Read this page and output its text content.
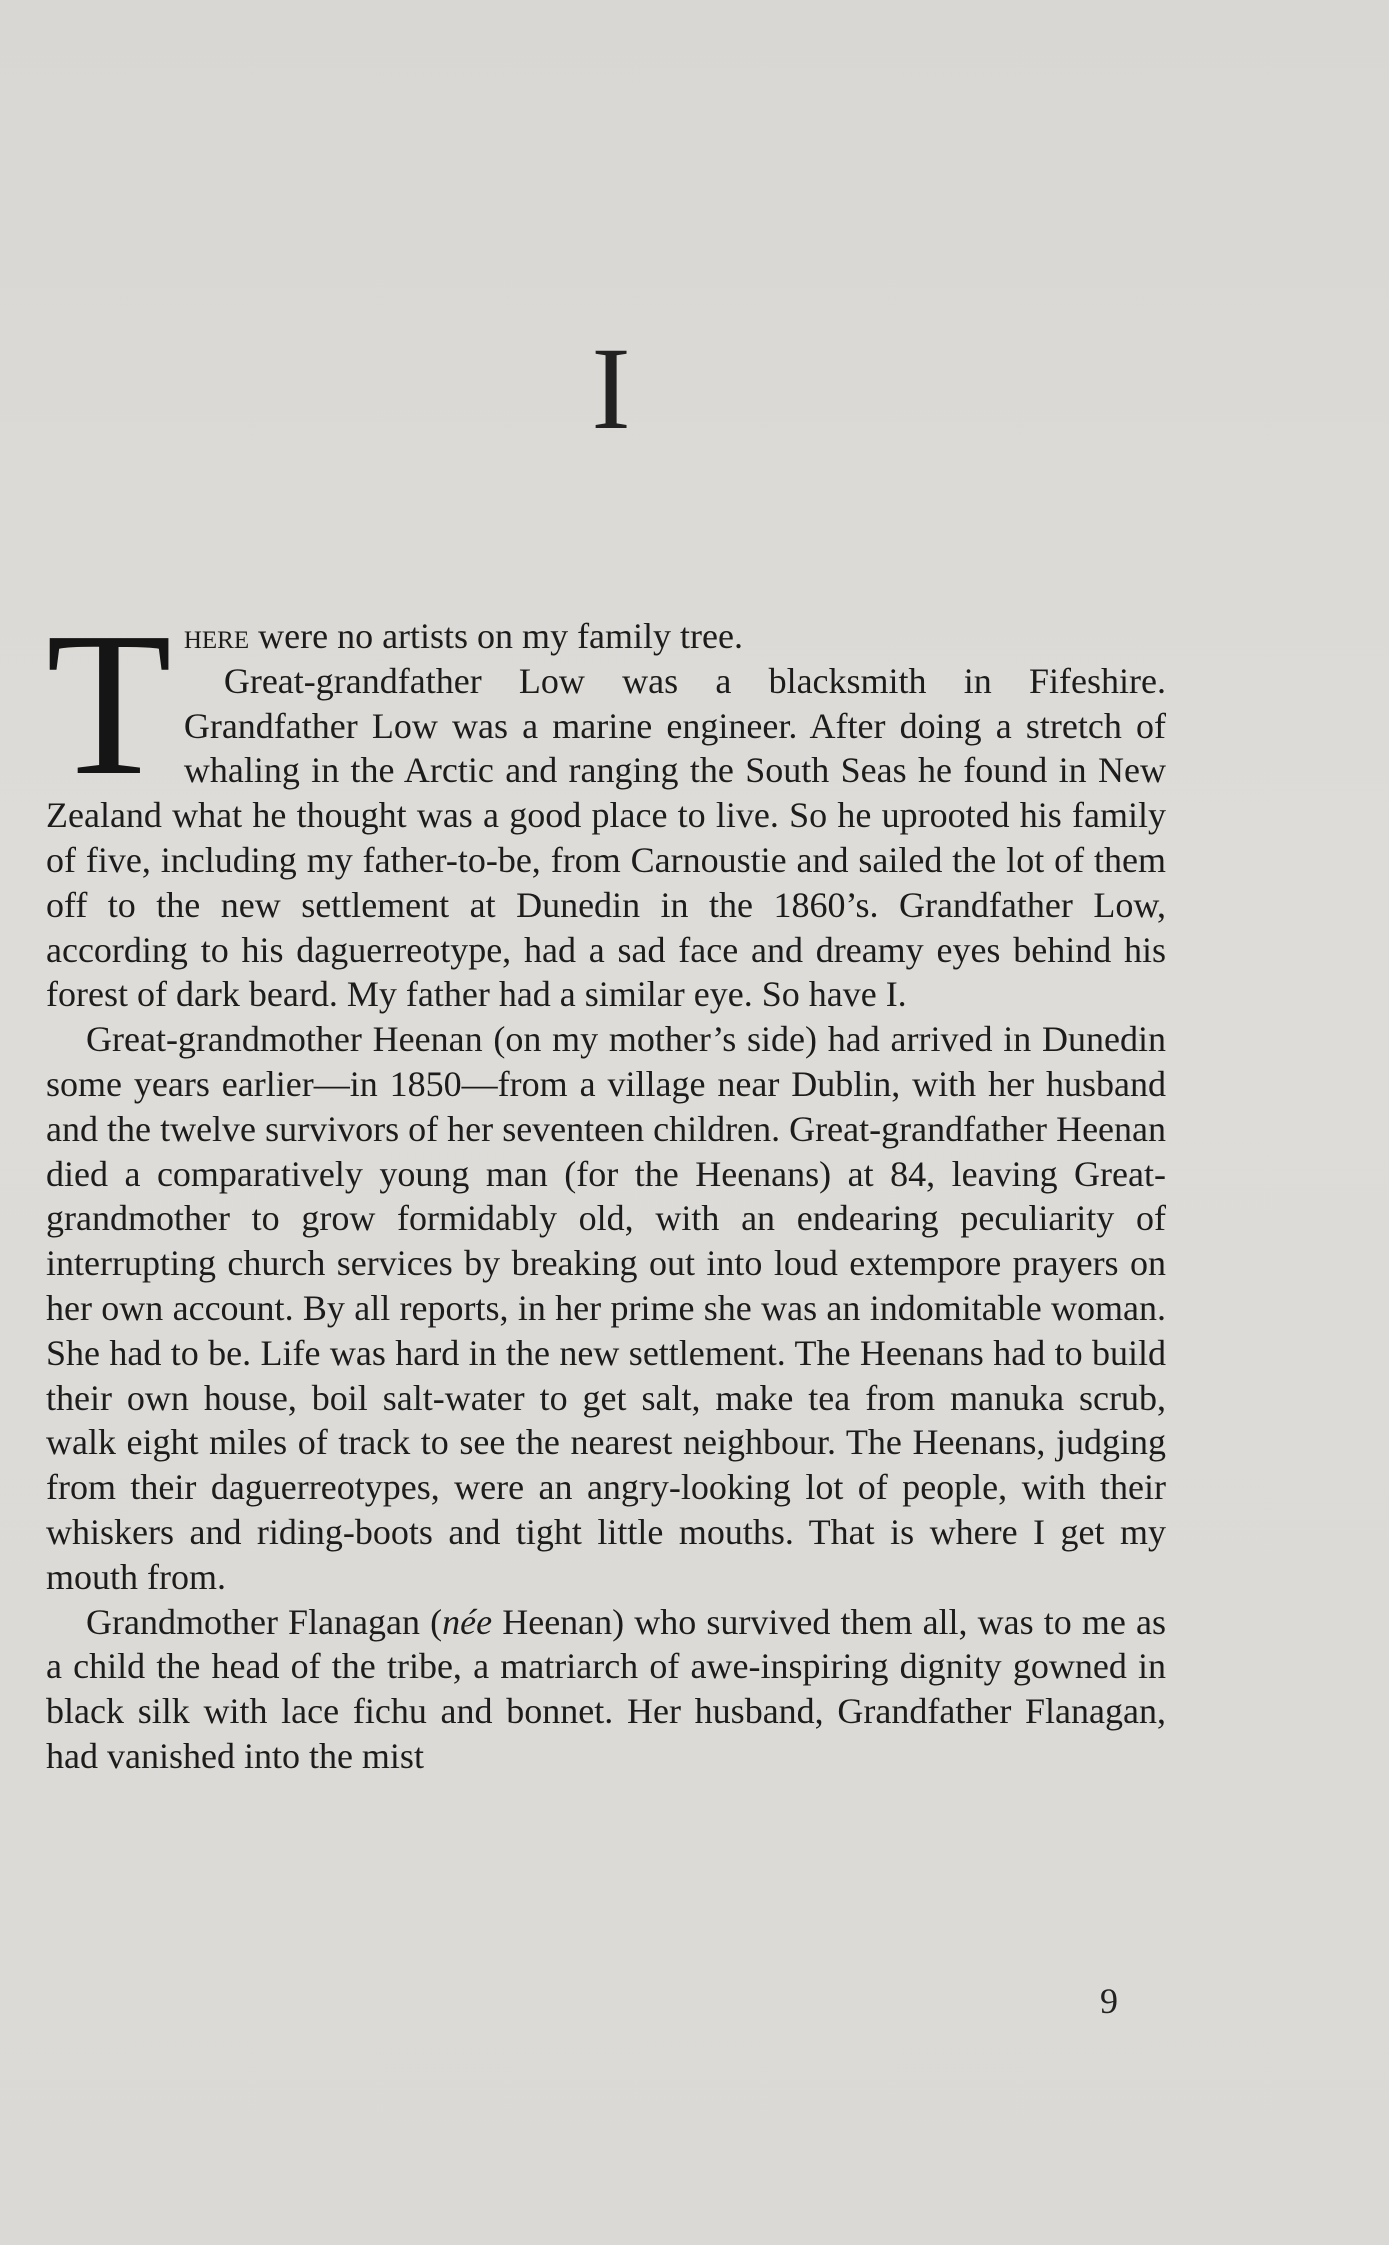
I

There were no artists on my family tree.

Great-grandfather Low was a blacksmith in Fifeshire. Grandfather Low was a marine engineer. After doing a stretch of whaling in the Arctic and ranging the South Seas he found in New Zealand what he thought was a good place to live. So he uprooted his family of five, including my father-to-be, from Carnoustie and sailed the lot of them off to the new settlement at Dunedin in the 1860’s. Grandfather Low, according to his daguerreotype, had a sad face and dreamy eyes behind his forest of dark beard. My father had a similar eye. So have I.

Great-grandmother Heenan (on my mother’s side) had arrived in Dunedin some years earlier—in 1850—from a village near Dublin, with her husband and the twelve survivors of her seventeen children. Great-grandfather Heenan died a comparatively young man (for the Heenans) at 84, leaving Great-grandmother to grow formidably old, with an endearing peculiarity of interrupting church services by breaking out into loud extempore prayers on her own account. By all reports, in her prime she was an indomitable woman. She had to be. Life was hard in the new settlement. The Heenans had to build their own house, boil salt-water to get salt, make tea from manuka scrub, walk eight miles of track to see the nearest neighbour. The Heenans, judging from their daguerreotypes, were an angry-looking lot of people, with their whiskers and riding-boots and tight little mouths. That is where I get my mouth from.

Grandmother Flanagan (née Heenan) who survived them all, was to me as a child the head of the tribe, a matriarch of awe-inspiring dignity gowned in black silk with lace fichu and bonnet. Her husband, Grandfather Flanagan, had vanished into the mist

9
